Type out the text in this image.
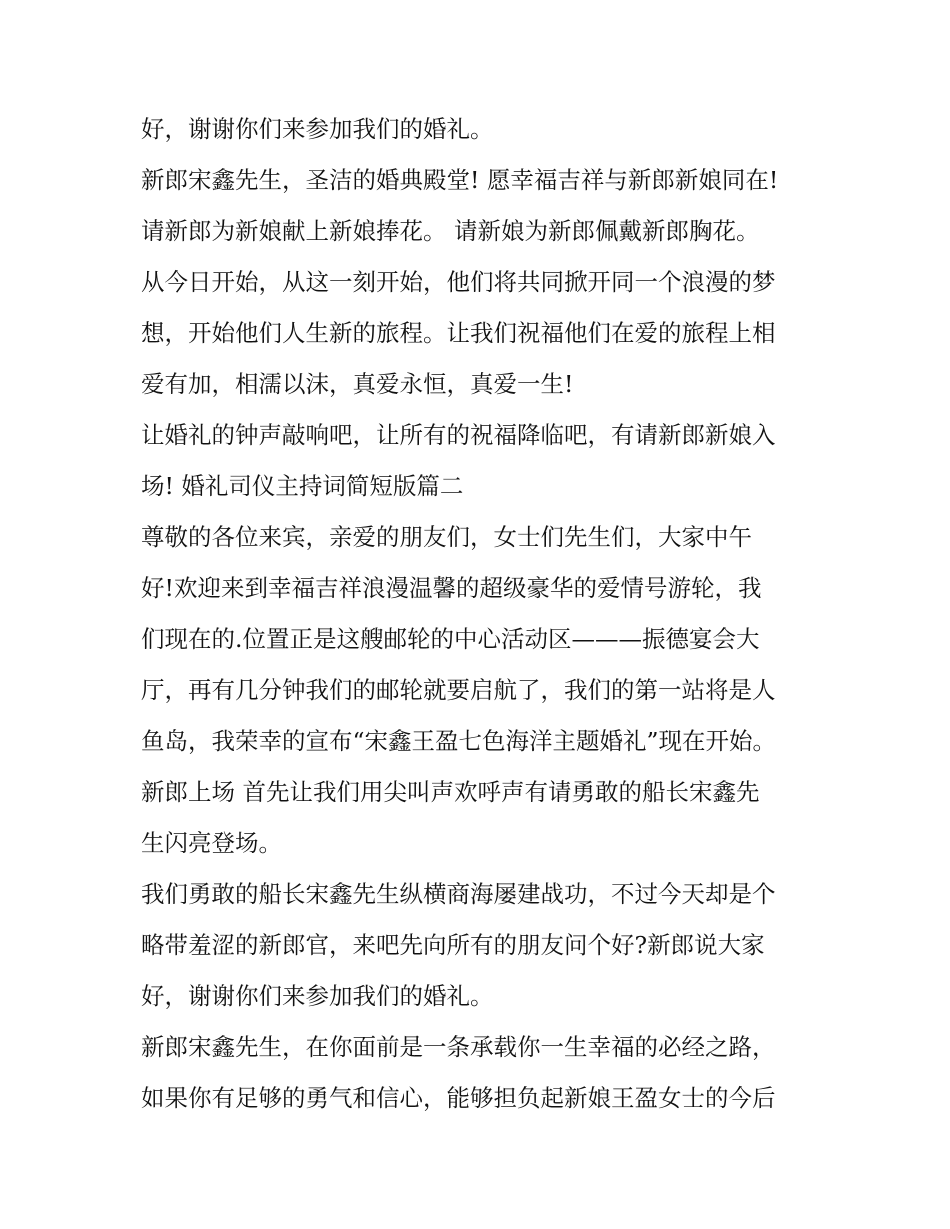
好，谢谢你们来参加我们的婚礼。
新郎宋鑫先生，圣洁的婚典殿堂! 愿幸福吉祥与新郎新娘同在!
请新郎为新娘献上新娘捧花。 请新娘为新郎佩戴新郎胸花。
从今日开始，从这一刻开始，他们将共同掀开同一个浪漫的梦
想，开始他们人生新的旅程。让我们祝福他们在爱的旅程上相
爱有加，相濡以沫，真爱永恒，真爱一生!
让婚礼的钟声敲响吧，让所有的祝福降临吧，有请新郎新娘入
场! 婚礼司仪主持词简短版篇二
尊敬的各位来宾，亲爱的朋友们，女士们先生们，大家中午
好!欢迎来到幸福吉祥浪漫温馨的超级豪华的爱情号游轮，我
们现在的.位置正是这艘邮轮的中心活动区———振德宴会大
厅，再有几分钟我们的邮轮就要启航了，我们的第一站将是人
鱼岛，我荣幸的宣布“宋鑫王盈七色海洋主题婚礼”现在开始。
新郎上场 首先让我们用尖叫声欢呼声有请勇敢的船长宋鑫先
生闪亮登场。
我们勇敢的船长宋鑫先生纵横商海屡建战功，不过今天却是个
略带羞涩的新郎官，来吧先向所有的朋友问个好?新郎说大家
好，谢谢你们来参加我们的婚礼。
新郎宋鑫先生，在你面前是一条承载你一生幸福的必经之路，
如果你有足够的勇气和信心，能够担负起新娘王盈女士的今后
